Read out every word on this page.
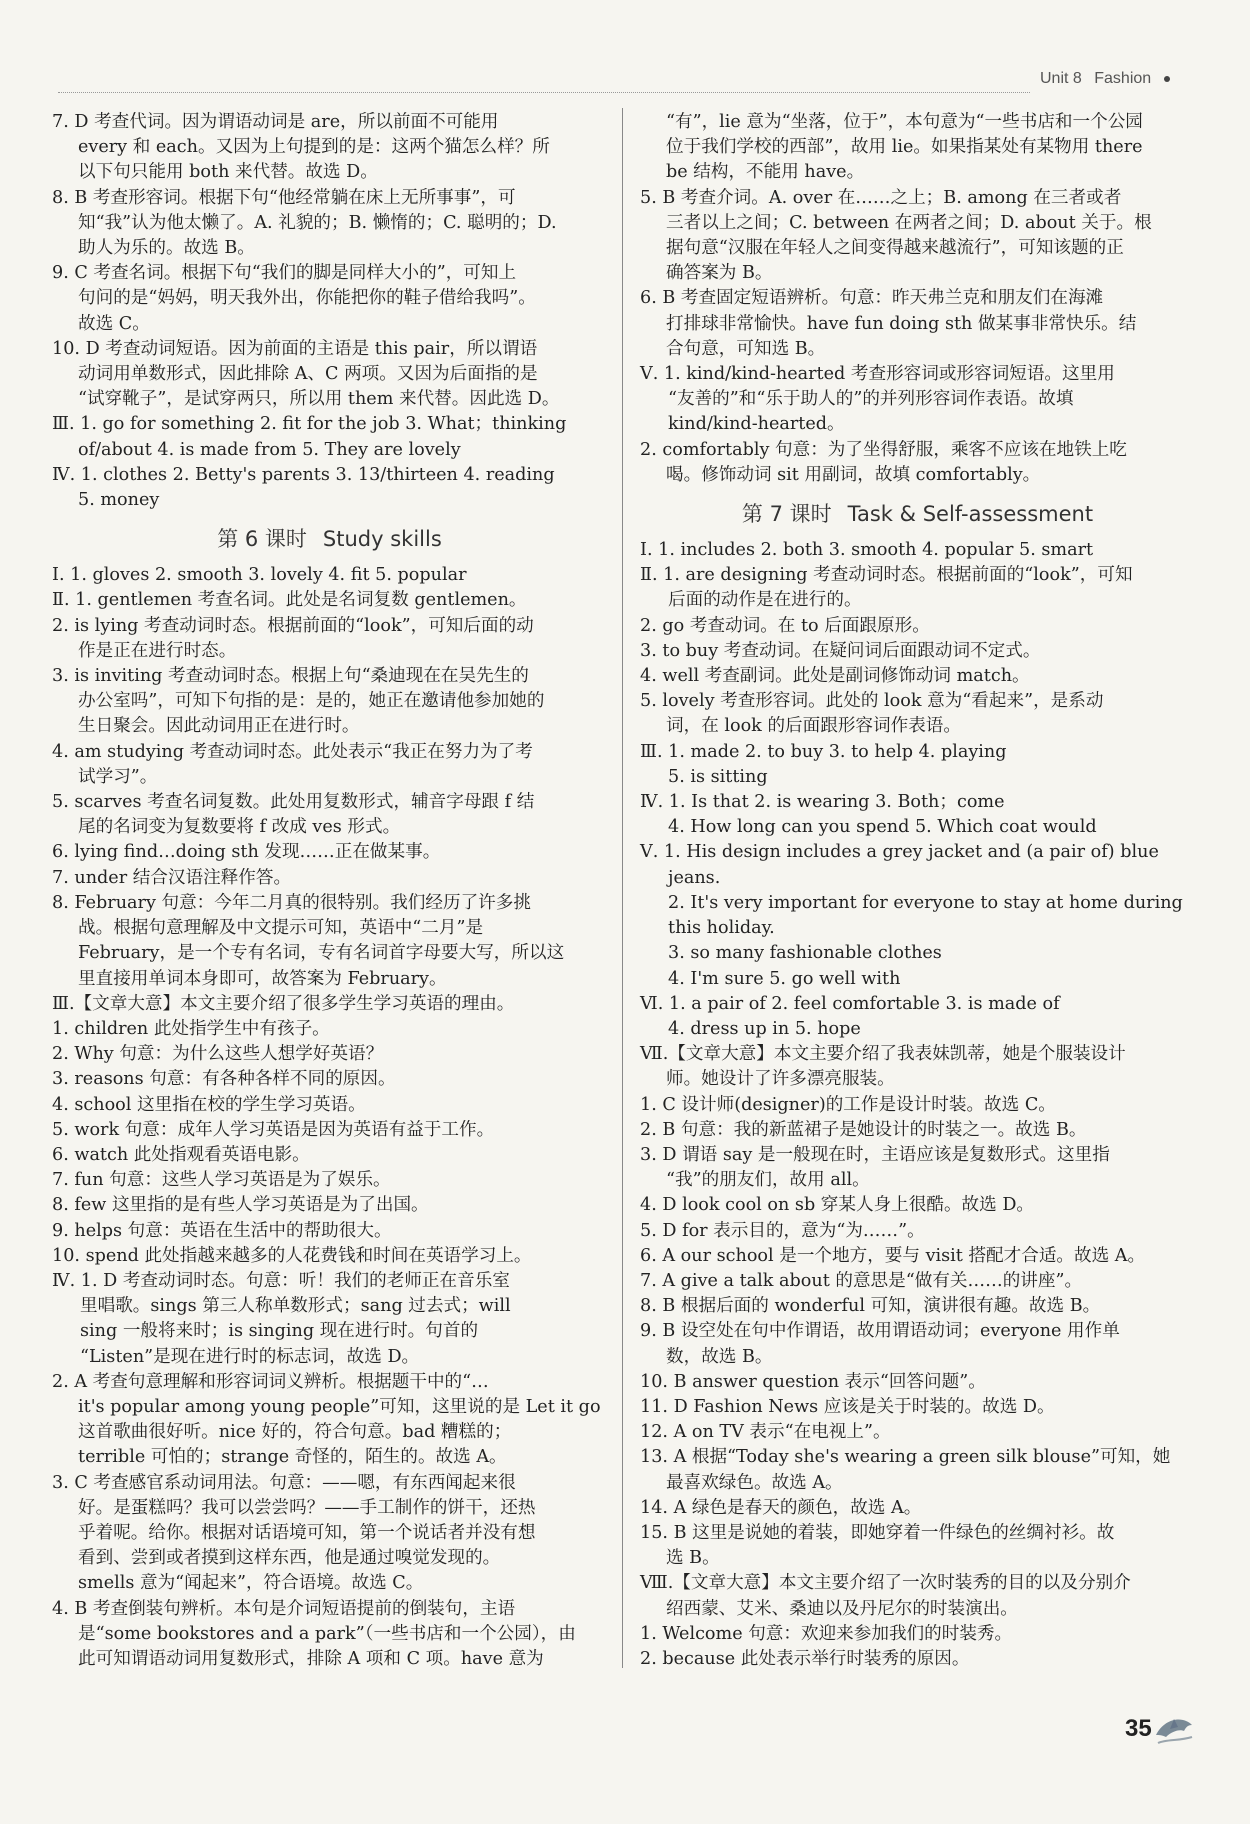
Unit 8 Fashion
7. D 考查代词。因为谓语动词是 are，所以前面不可能用
every 和 each。又因为上句提到的是：这两个猫怎么样？所
以下句只能用 both 来代替。故选 D。
8. B 考查形容词。根据下句“他经常躺在床上无所事事”，可
知“我”认为他太懒了。A. 礼貌的；B. 懒惰的；C. 聪明的；D.
助人为乐的。故选 B。
9. C 考查名词。根据下句“我们的脚是同样大小的”，可知上
句问的是“妈妈，明天我外出，你能把你的鞋子借给我吗”。
故选 C。
10. D 考查动词短语。因为前面的主语是 this pair，所以谓语
动词用单数形式，因此排除 A、C 两项。又因为后面指的是
“试穿靴子”，是试穿两只，所以用 them 来代替。因此选 D。
Ⅲ. 1. go for something 2. fit for the job 3. What；thinking
of/about 4. is made from 5. They are lovely
Ⅳ. 1. clothes 2. Betty's parents 3. 13/thirteen 4. reading
5. money
第 6 课时 Study skills
Ⅰ. 1. gloves 2. smooth 3. lovely 4. fit 5. popular
Ⅱ. 1. gentlemen 考查名词。此处是名词复数 gentlemen。
2. is lying 考查动词时态。根据前面的“look”，可知后面的动
作是正在进行时态。
3. is inviting 考查动词时态。根据上句“桑迪现在在吴先生的
办公室吗”，可知下句指的是：是的，她正在邀请他参加她的
生日聚会。因此动词用正在进行时。
4. am studying 考查动词时态。此处表示“我正在努力为了考
试学习”。
5. scarves 考查名词复数。此处用复数形式，辅音字母跟 f 结
尾的名词变为复数要将 f 改成 ves 形式。
6. lying find…doing sth 发现……正在做某事。
7. under 结合汉语注释作答。
8. February 句意：今年二月真的很特别。我们经历了许多挑
战。根据句意理解及中文提示可知，英语中“二月”是
February，是一个专有名词，专有名词首字母要大写，所以这
里直接用单词本身即可，故答案为 February。
Ⅲ.【文章大意】本文主要介绍了很多学生学习英语的理由。
1. children 此处指学生中有孩子。
2. Why 句意：为什么这些人想学好英语？
3. reasons 句意：有各种各样不同的原因。
4. school 这里指在校的学生学习英语。
5. work 句意：成年人学习英语是因为英语有益于工作。
6. watch 此处指观看英语电影。
7. fun 句意：这些人学习英语是为了娱乐。
8. few 这里指的是有些人学习英语是为了出国。
9. helps 句意：英语在生活中的帮助很大。
10. spend 此处指越来越多的人花费钱和时间在英语学习上。
Ⅳ. 1. D 考查动词时态。句意：听！我们的老师正在音乐室
里唱歌。sings 第三人称单数形式；sang 过去式；will
sing 一般将来时；is singing 现在进行时。句首的
“Listen”是现在进行时的标志词，故选 D。
2. A 考查句意理解和形容词词义辨析。根据题干中的“…
it's popular among young people”可知，这里说的是 Let it go
这首歌曲很好听。nice 好的，符合句意。bad 糟糕的；
terrible 可怕的；strange 奇怪的，陌生的。故选 A。
3. C 考查感官系动词用法。句意：——嗯，有东西闻起来很
好。是蛋糕吗？我可以尝尝吗？——手工制作的饼干，还热
乎着呢。给你。根据对话语境可知，第一个说话者并没有想
看到、尝到或者摸到这样东西，他是通过嗅觉发现的。
smells 意为“闻起来”，符合语境。故选 C。
4. B 考查倒装句辨析。本句是介词短语提前的倒装句，主语
是“some bookstores and a park”（一些书店和一个公园），由
此可知谓语动词用复数形式，排除 A 项和 C 项。have 意为
“有”，lie 意为“坐落，位于”，本句意为“一些书店和一个公园
位于我们学校的西部”，故用 lie。如果指某处有某物用 there
be 结构，不能用 have。
5. B 考查介词。A. over 在……之上；B. among 在三者或者
三者以上之间；C. between 在两者之间；D. about 关于。根
据句意“汉服在年轻人之间变得越来越流行”，可知该题的正
确答案为 B。
6. B 考查固定短语辨析。句意：昨天弗兰克和朋友们在海滩
打排球非常愉快。have fun doing sth 做某事非常快乐。结
合句意，可知选 B。
Ⅴ. 1. kind/kind-hearted 考查形容词或形容词短语。这里用
“友善的”和“乐于助人的”的并列形容词作表语。故填
kind/kind-hearted。
2. comfortably 句意：为了坐得舒服，乘客不应该在地铁上吃
喝。修饰动词 sit 用副词，故填 comfortably。
第 7 课时 Task & Self-assessment
Ⅰ. 1. includes 2. both 3. smooth 4. popular 5. smart
Ⅱ. 1. are designing 考查动词时态。根据前面的“look”，可知
后面的动作是在进行的。
2. go 考查动词。在 to 后面跟原形。
3. to buy 考查动词。在疑问词后面跟动词不定式。
4. well 考查副词。此处是副词修饰动词 match。
5. lovely 考查形容词。此处的 look 意为“看起来”，是系动
词，在 look 的后面跟形容词作表语。
Ⅲ. 1. made 2. to buy 3. to help 4. playing
5. is sitting
Ⅳ. 1. Is that 2. is wearing 3. Both；come
4. How long can you spend 5. Which coat would
Ⅴ. 1. His design includes a grey jacket and (a pair of) blue
jeans.
2. It's very important for everyone to stay at home during
this holiday.
3. so many fashionable clothes
4. I'm sure 5. go well with
Ⅵ. 1. a pair of 2. feel comfortable 3. is made of
4. dress up in 5. hope
Ⅶ.【文章大意】本文主要介绍了我表妹凯蒂，她是个服装设计
师。她设计了许多漂亮服装。
1. C 设计师(designer)的工作是设计时装。故选 C。
2. B 句意：我的新蓝裙子是她设计的时装之一。故选 B。
3. D 谓语 say 是一般现在时，主语应该是复数形式。这里指
“我”的朋友们，故用 all。
4. D look cool on sb 穿某人身上很酷。故选 D。
5. D for 表示目的，意为“为……”。
6. A our school 是一个地方，要与 visit 搭配才合适。故选 A。
7. A give a talk about 的意思是“做有关……的讲座”。
8. B 根据后面的 wonderful 可知，演讲很有趣。故选 B。
9. B 设空处在句中作谓语，故用谓语动词；everyone 用作单
数，故选 B。
10. B answer question 表示“回答问题”。
11. D Fashion News 应该是关于时装的。故选 D。
12. A on TV 表示“在电视上”。
13. A 根据“Today she's wearing a green silk blouse”可知，她
最喜欢绿色。故选 A。
14. A 绿色是春天的颜色，故选 A。
15. B 这里是说她的着装，即她穿着一件绿色的丝绸衬衫。故
选 B。
Ⅷ.【文章大意】本文主要介绍了一次时装秀的目的以及分别介
绍西蒙、艾米、桑迪以及丹尼尔的时装演出。
1. Welcome 句意：欢迎来参加我们的时装秀。
2. because 此处表示举行时装秀的原因。
35
